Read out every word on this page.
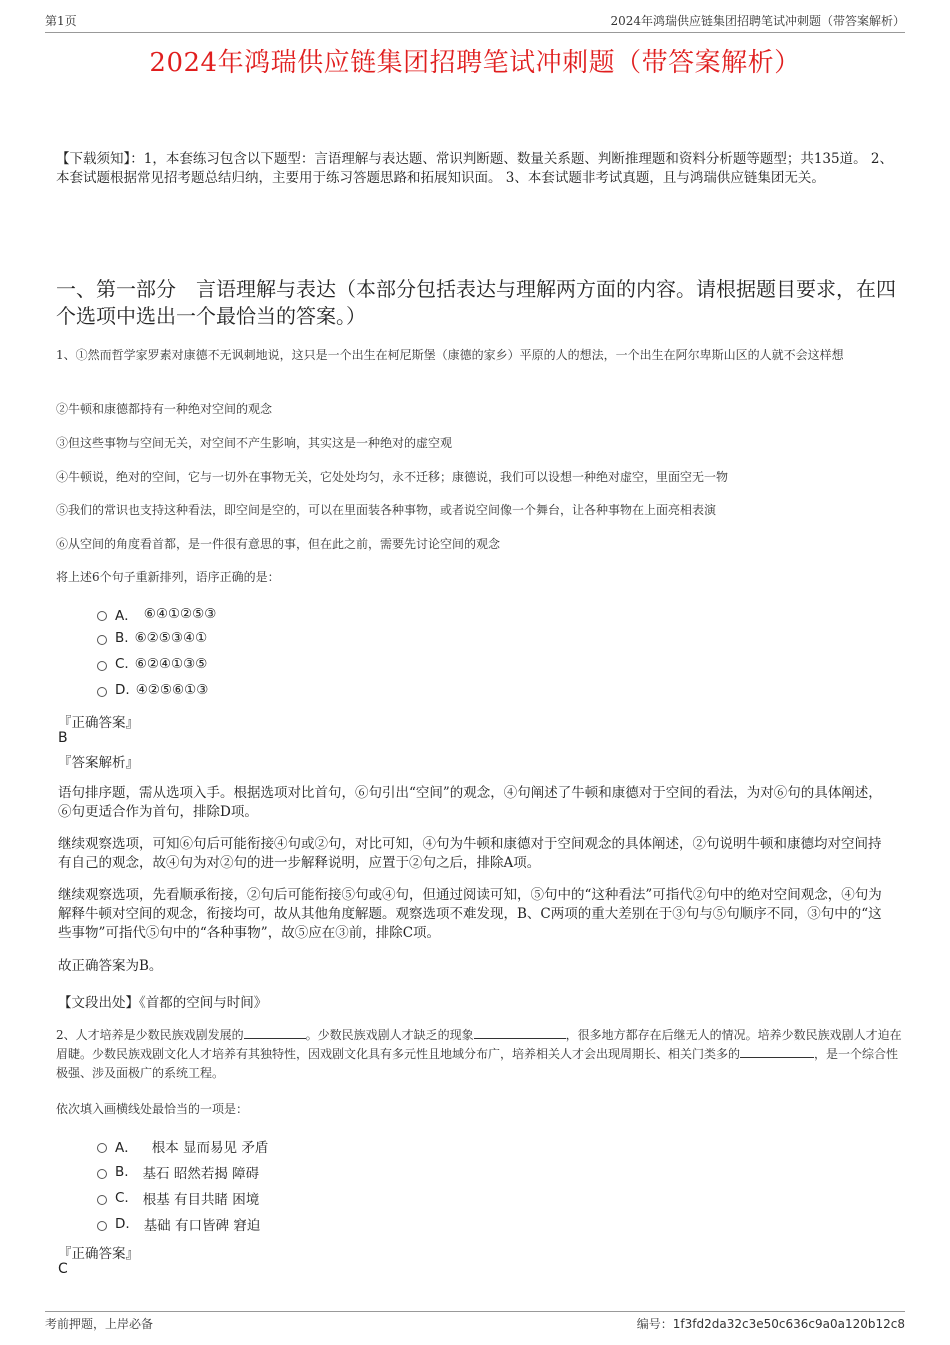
第1页	2024年鸿瑞供应链集团招聘笔试冲刺题（带答案解析）
2024年鸿瑞供应链集团招聘笔试冲刺题（带答案解析）
【下载须知】：1，本套练习包含以下题型：言语理解与表达题、常识判断题、数量关系题、判断推理题和资料分析题等题型；共135道。 2、本套试题根据常见招考题总结归纳，主要用于练习答题思路和拓展知识面。 3、本套试题非考试真题，且与鸿瑞供应链集团无关。
一、第一部分　言语理解与表达（本部分包括表达与理解两方面的内容。请根据题目要求，在四个选项中选出一个最恰当的答案。）
1、①然而哲学家罗素对康德不无讽刺地说，这只是一个出生在柯尼斯堡（康德的家乡）平原的人的想法，一个出生在阿尔卑斯山区的人就不会这样想
②牛顿和康德都持有一种绝对空间的观念
③但这些事物与空间无关，对空间不产生影响，其实这是一种绝对的虚空观
④牛顿说，绝对的空间，它与一切外在事物无关，它处处均匀，永不迁移；康德说，我们可以设想一种绝对虚空，里面空无一物
⑤我们的常识也支持这种看法，即空间是空的，可以在里面装各种事物，或者说空间像一个舞台，让各种事物在上面亮相表演
⑥从空间的角度看首都，是一件很有意思的事，但在此之前，需要先讨论空间的观念
将上述6个句子重新排列，语序正确的是：
A． ⑥④①②⑤③
B. ⑥②⑤③④①
C. ⑥②④①③⑤
D. ④②⑤⑥①③
『正确答案』
B
『答案解析』
语句排序题，需从选项入手。根据选项对比首句，⑥句引出“空间”的观念，④句阐述了牛顿和康德对于空间的看法，为对⑥句的具体阐述，⑥句更适合作为首句，排除D项。
继续观察选项，可知⑥句后可能衔接④句或②句，对比可知，④句为牛顿和康德对于空间观念的具体阐述，②句说明牛顿和康德均对空间持有自己的观念，故④句为对②句的进一步解释说明，应置于②句之后，排除A项。
继续观察选项，先看顺承衔接，②句后可能衔接⑤句或④句，但通过阅读可知，⑤句中的“这种看法”可指代②句中的绝对空间观念，④句为解释牛顿对空间的观念，衔接均可，故从其他角度解题。观察选项不难发现，B、C两项的重大差别在于③句与⑤句顺序不同，③句中的“这些事物”可指代⑤句中的“各种事物”，故⑤应在③前，排除C项。
故正确答案为B。
【文段出处】《首都的空间与时间》
2、人才培养是少数民族戏剧发展的	。少数民族戏剧人才缺乏的现象	，很多地方都存在后继无人的情况。培养少数民族戏剧人才迫在眉睫。少数民族戏剧文化人才培养有其独特性，因戏剧文化具有多元性且地域分布广，培养相关人才会出现周期长、相关门类多的	，是一个综合性极强、涉及面极广的系统工程。
依次填入画横线处最恰当的一项是：
A． 根本 显而易见 矛盾
B. 基石 昭然若揭 障碍
C. 根基 有目共睹 困境
D. 基础 有口皆碑 窘迫
『正确答案』
C
考前押题，上岸必备	编号：1f3fd2da32c3e50c636c9a0a120b12c8
